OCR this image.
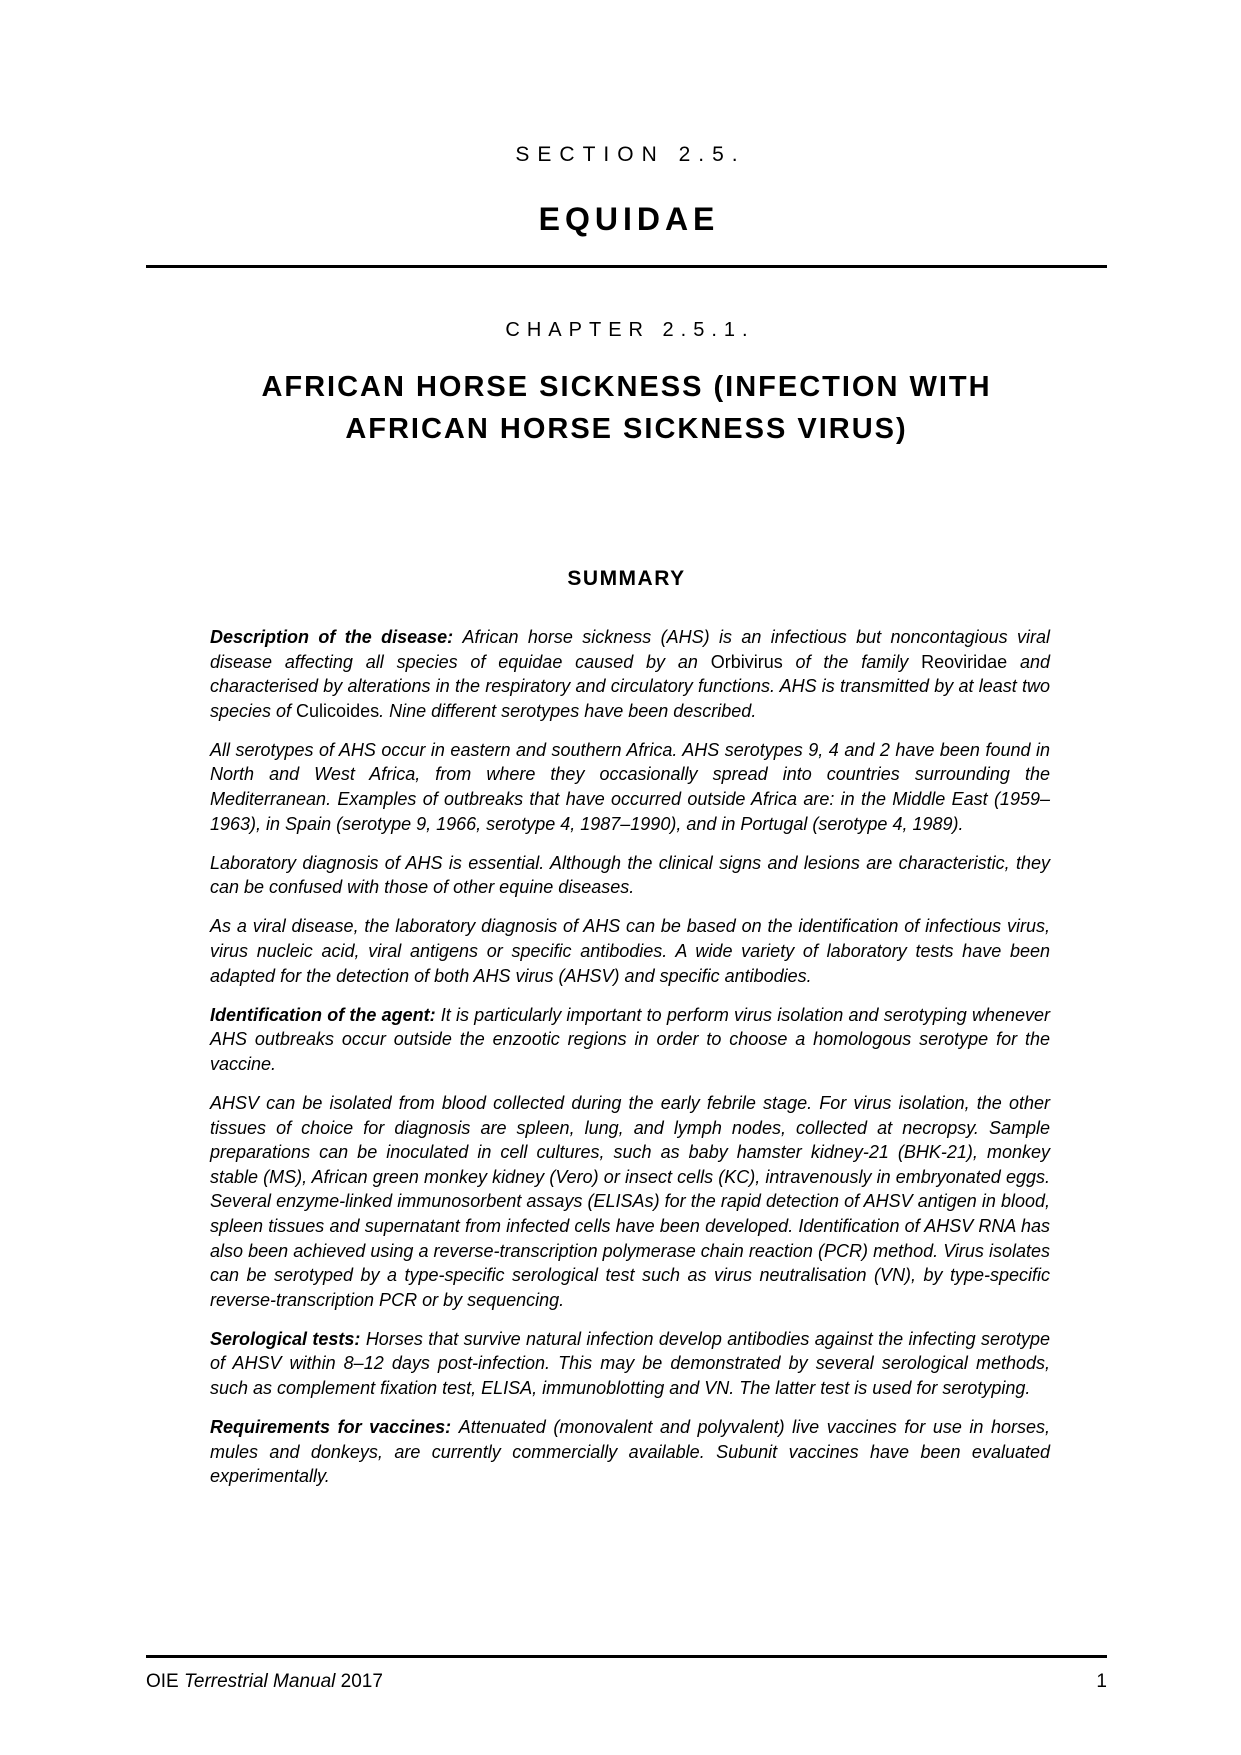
SECTION 2.5.
EQUIDAE
CHAPTER 2.5.1.
AFRICAN HORSE SICKNESS (INFECTION WITH
AFRICAN HORSE SICKNESS VIRUS)
SUMMARY

Description of the disease: African horse sickness (AHS) is an infectious but noncontagious viral disease affecting all species of equidae caused by an Orbivirus of the family Reoviridae and characterised by alterations in the respiratory and circulatory functions. AHS is transmitted by at least two species of Culicoides. Nine different serotypes have been described.

All serotypes of AHS occur in eastern and southern Africa. AHS serotypes 9, 4 and 2 have been found in North and West Africa, from where they occasionally spread into countries surrounding the Mediterranean. Examples of outbreaks that have occurred outside Africa are: in the Middle East (1959–1963), in Spain (serotype 9, 1966, serotype 4, 1987–1990), and in Portugal (serotype 4, 1989).

Laboratory diagnosis of AHS is essential. Although the clinical signs and lesions are characteristic, they can be confused with those of other equine diseases.

As a viral disease, the laboratory diagnosis of AHS can be based on the identification of infectious virus, virus nucleic acid, viral antigens or specific antibodies. A wide variety of laboratory tests have been adapted for the detection of both AHS virus (AHSV) and specific antibodies.

Identification of the agent: It is particularly important to perform virus isolation and serotyping whenever AHS outbreaks occur outside the enzootic regions in order to choose a homologous serotype for the vaccine.

AHSV can be isolated from blood collected during the early febrile stage. For virus isolation, the other tissues of choice for diagnosis are spleen, lung, and lymph nodes, collected at necropsy. Sample preparations can be inoculated in cell cultures, such as baby hamster kidney-21 (BHK-21), monkey stable (MS), African green monkey kidney (Vero) or insect cells (KC), intravenously in embryonated eggs. Several enzyme-linked immunosorbent assays (ELISAs) for the rapid detection of AHSV antigen in blood, spleen tissues and supernatant from infected cells have been developed. Identification of AHSV RNA has also been achieved using a reverse-transcription polymerase chain reaction (PCR) method. Virus isolates can be serotyped by a type-specific serological test such as virus neutralisation (VN), by type-specific reverse-transcription PCR or by sequencing.

Serological tests: Horses that survive natural infection develop antibodies against the infecting serotype of AHSV within 8–12 days post-infection. This may be demonstrated by several serological methods, such as complement fixation test, ELISA, immunoblotting and VN. The latter test is used for serotyping.

Requirements for vaccines: Attenuated (monovalent and polyvalent) live vaccines for use in horses, mules and donkeys, are currently commercially available. Subunit vaccines have been evaluated experimentally.

OIE Terrestrial Manual 2017	1
